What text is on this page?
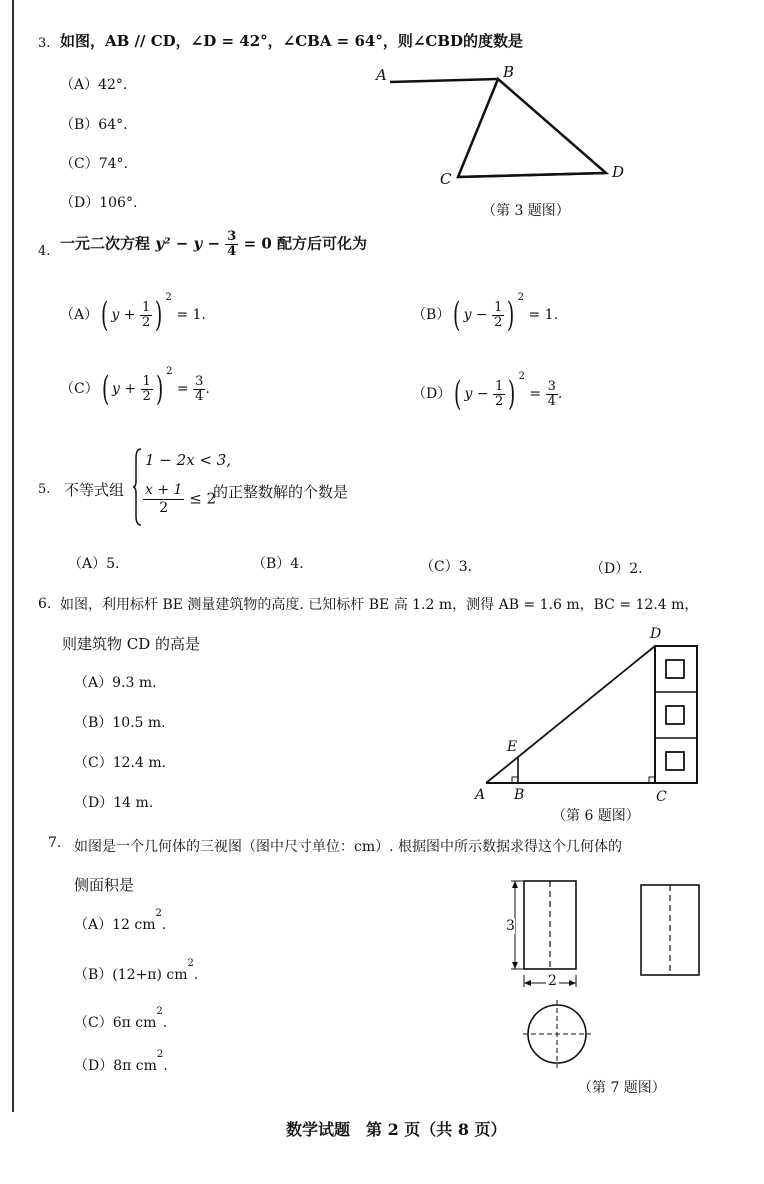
3. 如图，AB // CD，∠D = 42°，∠CBA = 64°，则∠CBD的度数是
（A）42°.
（B）64°.
（C）74°.
（D）106°.
A	B
C	D
（第 3 题图）
4. 一元二次方程 $y^2 - y - \frac{3}{4} = 0$ 配方后可化为
（A）( $y + \frac{1}{2}$ ) $^2$ = 1.	（B）( $y - \frac{1}{2}$ ) $^2$ = 1.
（C）( $y + \frac{1}{2}$ ) $^2 = \frac{3}{4}$ .	（D）( $y - \frac{1}{2}$ ) $^2 = \frac{3}{4}$ .
5. 不等式组
1 − 2x < 3,
$\frac{x + 1}{2} \le 2$
的正整数解的个数是
（A）5.	（B）4.	（C）3.	（D）2.
6. 如图，利用标杆 BE 测量建筑物的高度. 已知标杆 BE 高 1.2 m，测得 AB = 1.6 m，BC = 12.4 m，
则建筑物 CD 的高是
（A）9.3 m.
（B）10.5 m.
（C）12.4 m.
（D）14 m.
D
E
A B	C
（第 6 题图）
7. 如图是一个几何体的三视图（图中尺寸单位：cm）. 根据图中所示数据求得这个几何体的
侧面积是
（A）12 $cm^2$.
（B）(12+π) $cm^2$.
（C）6π $cm^2$.
（D）8π $cm^2$.
3
2
（第 7 题图）
数学试题　第 2 页（共 8 页）
